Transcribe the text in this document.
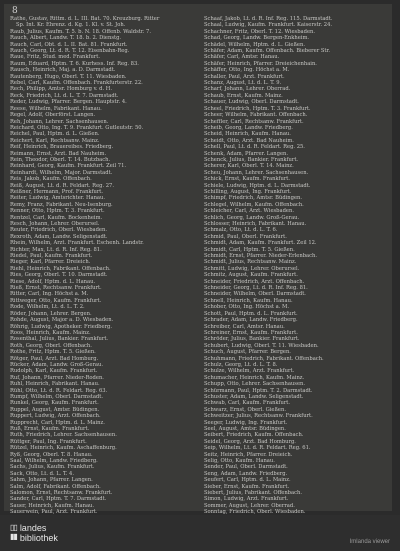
8
Rathe, Gustav, Rittm. d. L. III. Bat. 70. Kreuzburg. Ritter
Sp. Int. Kr. Ehrenz. d. Kg. 1. Kl. v. St. Joh.
Raub, Julius, Kaufm. T. 5. b. N. 18. Offenb. Waldstr. 7.
Rauch, Albert, Landw. T. 18. b. 2. Dienstg.
Rauch, Carl, Obt. d. L. II. Bat. 81. Frankfurt.
Rauch, Georg, Lt. d. R. T. 12. Eisenbahn-Reg.
Raue, Fritz, Stud. med. Frankfurt.
Raum, Eduard, Hptm. T. 6. Kurhess. Inf. Reg. 83.
Rausch, Heinrich, Maj. a. D. Darmstadt.
Rautenberg, Hugo, Oberl. T. 11. Wiesbaden.
Rebel, Carl, Kaufm. Offenbach. Frankfurterstr. 22.
Rech, Philipp, Amtsr. Homburg v. d. H.
Reck, Friedrich, Lt. d. L. T. 7. Darmstadt.
Reder, Ludwig, Pfarrer. Bergen. Hauptstr. 4.
Reese, Wilhelm, Fabrikant. Hanau.
Regel, Adolf, Oberförst. Langen.
Reh, Johann, Lehrer. Sachsenhausen.
Reichard, Otto, Ing. T. 9. Frankfurt. Gutleutstr. 50.
Reichel, Paul, Hptm. d. L. Gießen.
Reichert, Karl, Rechtsanw. Mainz.
Reif, Heinrich, Brauereibes. Friedberg.
Reimann, Ernst, Arzt. Bad Nauheim.
Rein, Theodor, Oberl. T. 14. Butzbach.
Reinhard, Georg, Kaufm. Frankfurt. Zeil 71.
Reinhardt, Wilhelm, Major. Darmstadt.
Reis, Jakob, Kaufm. Offenbach.
Reiß, August, Lt. d. R. Feldart. Reg. 27.
Reißner, Hermann, Prof. Frankfurt.
Reiter, Ludwig, Amtsrichter. Hanau.
Remy, Franz, Fabrikant. Neu-Isenburg.
Renner, Otto, Hptm. T. 3. Frankfurt.
Rentzel, Carl, Kaufm. Bockenheim.
Resch, Johann, Lehrer. Oberursel.
Reuter, Friedrich, Oberl. Wiesbaden.
Rexroth, Adam, Landw. Seligenstadt.
Rhein, Wilhelm, Arzt. Frankfurt. Eschenh. Landstr.
Richter, Max, Lt. d. R. Inf. Reg. 81.
Riedel, Paul, Kaufm. Frankfurt.
Rieger, Karl, Pfarrer. Dreieich.
Riehl, Heinrich, Fabrikant. Offenbach.
Ries, Georg, Oberl. T. 10. Darmstadt.
Riese, Adolf, Hptm. d. L. Hanau.
Rieß, Ernst, Rechtsanw. Frankfurt.
Ritter, Carl, Ing. Höchst a. M.
Rittweger, Otto, Kaufm. Frankfurt.
Rode, Wilhelm, Lt. d. L. T. 2.
Röder, Johann, Lehrer. Bergen.
Rohde, August, Major a. D. Wiesbaden.
Röhrig, Ludwig, Apotheker. Friedberg.
Roos, Heinrich, Kaufm. Mainz.
Rosenthal, Julius, Bankier. Frankfurt.
Roth, Georg, Oberl. Offenbach.
Rothe, Fritz, Hptm. T. 5. Gießen.
Rötger, Paul, Arzt. Bad Homburg.
Rücker, Adam, Landw. Groß-Gerau.
Rudolph, Karl, Kaufm. Frankfurt.
Ruf, Johann, Pfarrer. Nieder-Roden.
Ruhl, Heinrich, Fabrikant. Hanau.
Rühl, Otto, Lt. d. R. Feldart. Reg. 63.
Rumpf, Wilhelm, Oberl. Darmstadt.
Runkel, Georg, Kaufm. Frankfurt.
Ruppel, August, Amtsr. Büdingen.
Ruppert, Ludwig, Arzt. Offenbach.
Rupprecht, Carl, Hptm. d. L. Mainz.
Ruß, Ernst, Kaufm. Frankfurt.
Ruth, Friedrich, Lehrer. Sachsenhausen.
Rüttger, Paul, Ing. Frankfurt.
Rützel, Heinrich, Kaufm. Aschaffenburg.
Ryß, Georg, Oberl. T. 8. Hanau.
Saal, Wilhelm, Landw. Friedberg.
Sachs, Julius, Kaufm. Frankfurt.
Sack, Otto, Lt. d. L. T. 4.
Sahm, Johann, Pfarrer. Langen.
Salm, Adolf, Fabrikant. Offenbach.
Salomon, Ernst, Rechtsanw. Frankfurt.
Sander, Carl, Hptm. T. 7. Darmstadt.
Sauer, Heinrich, Kaufm. Hanau.
Sauerwein, Paul, Arzt. Frankfurt.
Schaaf, Jakob, Lt. d. R. Inf. Reg. 115. Darmstadt.
Schaal, Ludwig, Kaufm. Frankfurt. Kaiserstr. 24.
Schachner, Fritz, Oberl. T. 12. Wiesbaden.
Schad, Georg, Landw. Bergen-Enkheim.
Schädel, Wilhelm, Hptm. d. L. Gießen.
Schäfer, Adam, Kaufm. Offenbach. Bieberer Str.
Schäfer, Carl, Amtsr. Hanau.
Schäfer, Heinrich, Pfarrer. Dreieichenhain.
Schäffer, Otto, Ing. Höchst a. M.
Schaller, Paul, Arzt. Frankfurt.
Schanz, August, Lt. d. L. T. 9.
Scharf, Johann, Lehrer. Oberrad.
Schaub, Ernst, Kaufm. Mainz.
Schauer, Ludwig, Oberl. Darmstadt.
Scheel, Friedrich, Hptm. T. 3. Frankfurt.
Scheer, Wilhelm, Fabrikant. Offenbach.
Scheffler, Carl, Rechtsanw. Frankfurt.
Scheib, Georg, Landw. Friedberg.
Scheid, Heinrich, Kaufm. Hanau.
Scheidt, Otto, Arzt. Bad Nauheim.
Schell, Paul, Lt. d. R. Feldart. Reg. 25.
Schenk, Adam, Pfarrer. Langen.
Schenck, Julius, Bankier. Frankfurt.
Scherer, Karl, Oberl. T. 14. Mainz.
Scheu, Johann, Lehrer. Sachsenhausen.
Schick, Ernst, Kaufm. Frankfurt.
Schiele, Ludwig, Hptm. d. L. Darmstadt.
Schilling, August, Ing. Frankfurt.
Schimpf, Friedrich, Amtsr. Büdingen.
Schlegel, Wilhelm, Kaufm. Offenbach.
Schleicher, Carl, Arzt. Wiesbaden.
Schlich, Georg, Landw. Groß-Gerau.
Schlosser, Heinrich, Fabrikant. Hanau.
Schmalz, Otto, Lt. d. L. T. 6.
Schmid, Paul, Oberl. Frankfurt.
Schmidt, Adam, Kaufm. Frankfurt. Zeil 12.
Schmidt, Carl, Hptm. T. 5. Gießen.
Schmidt, Ernst, Pfarrer. Nieder-Erlenbach.
Schmidt, Julius, Rechtsanw. Mainz.
Schmitt, Ludwig, Lehrer. Oberursel.
Schmitz, August, Kaufm. Frankfurt.
Schneider, Friedrich, Arzt. Offenbach.
Schneider, Georg, Lt. d. R. Inf. Reg. 81.
Schneider, Wilhelm, Oberl. Darmstadt.
Schnell, Heinrich, Kaufm. Hanau.
Schober, Otto, Ing. Höchst a. M.
Schott, Paul, Hptm. d. L. Frankfurt.
Schrader, Adam, Landw. Friedberg.
Schreiber, Carl, Amtsr. Hanau.
Schreiner, Ernst, Kaufm. Frankfurt.
Schröder, Julius, Bankier. Frankfurt.
Schubert, Ludwig, Oberl. T. 11. Wiesbaden.
Schuch, August, Pfarrer. Bergen.
Schuhmann, Friedrich, Fabrikant. Offenbach.
Schulz, Georg, Lt. d. L. T. 8.
Schulze, Wilhelm, Arzt. Frankfurt.
Schumacher, Heinrich, Kaufm. Mainz.
Schupp, Otto, Lehrer. Sachsenhausen.
Schürmann, Paul, Hptm. T. 2. Darmstadt.
Schuster, Adam, Landw. Seligenstadt.
Schwab, Carl, Kaufm. Frankfurt.
Schwarz, Ernst, Oberl. Gießen.
Schweitzer, Julius, Rechtsanw. Frankfurt.
Seeger, Ludwig, Ing. Frankfurt.
Seel, August, Amtsr. Büdingen.
Seibert, Friedrich, Kaufm. Offenbach.
Seidel, Georg, Arzt. Bad Homburg.
Seip, Wilhelm, Lt. d. R. Feldart. Reg. 61.
Seitz, Heinrich, Pfarrer. Dreieich.
Selig, Otto, Kaufm. Hanau.
Sender, Paul, Oberl. Darmstadt.
Seng, Adam, Landw. Friedberg.
Seufert, Carl, Hptm. d. L. Mainz.
Sieber, Ernst, Kaufm. Frankfurt.
Siebert, Julius, Fabrikant. Offenbach.
Simon, Ludwig, Arzt. Frankfurt.
Sommer, August, Lehrer. Oberrad.
Sonntag, Friedrich, Oberl. Wiesbaden.
▯▯
▮▮
landes
bibliothek	Imlanda viewer
